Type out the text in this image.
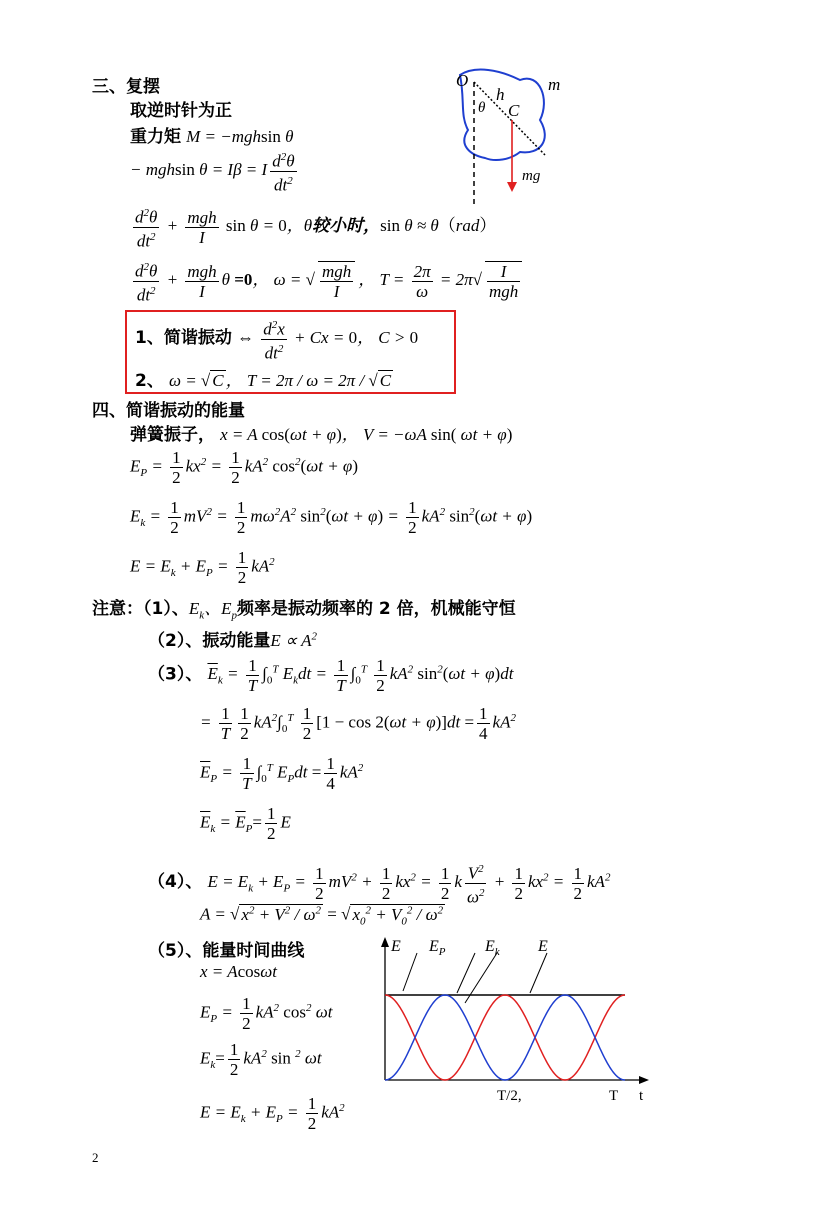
三、复摆
取逆时针为正
重力矩 M = −mghsin θ
− mghsin θ = Iβ = I $\frac{d^2\theta}{dt^2}$
$\frac{d^2\theta}{dt^2} + \frac{\text{mgh}}{I}$ sin θ = 0，θ较小时，sin θ ≈ θ（rad）
$\frac{d^2\theta}{dt^2} + \frac{\text{mgh}}{I}$ θ =0， ω = √ $\frac{\text{mgh}}{I}$ ， $T = \frac{2\pi}{\omega} = 2\pi√ \frac{I}{\text{mgh}}$
1、简谐振动 ⇔ $\frac{d^2x}{dt^2} + Cx = 0$， C > 0
2、 ω = √ C ， T = 2π / ω = 2π / √ C
O
h
θ C
m
mg
四、简谐振动的能量
弹簧振子， x = A cos(ωt + φ)， V = −ωA sin( ωt + φ)
$E_P = \frac{1}{2} kx^2 = \frac{1}{2} kA^2$ $\cos^2(\omega t + \varphi)$
$E_k = \frac{1}{2} mV^2 = \frac{1}{2} m\omega^2A^2$ $\sin^2(\omega t + \varphi) = \frac{1}{2} kA^2$ $\sin^2(\omega t + \varphi)$
$E = E_k + E_P = \frac{1}{2} kA^2$
注意：（1）、$E_k$、$E_p$频率是振动频率的 2 倍，机械能守恒
（2）、振动能量$E \propto A^2$
（3）、 $\overline{E}_k = \frac{1}{T} \int_0^T$ $E_kdt = \frac{1}{T} \int_0^T \frac{1}{2} kA^2$ $\sin^2(\omega t + \varphi)dt$
= $\frac{1}{T} \frac{1}{2} kA^2\int_0^T \frac{1}{2} [1 - \cos 2(\omega t + \varphi)]dt = \frac{1}{4} kA^2$
$\overline{E}_P = \frac{1}{T} \int_0^T$ $E_Pdt = \frac{1}{4} kA^2$
$\overline{E}_k = \overline{E}_P= \frac{1}{2}$ E
（4）、 $E = E_k + E_P = \frac{1}{2} mV^2 + \frac{1}{2} kx^2 = \frac{1}{2}$ k $\frac{V^2}{\omega^2} + \frac{1}{2} kx^2 = \frac{1}{2} kA^2$
A = √ $x^2 + V^2 / \omega^2$ = √ $x_0^2 + V_0^2 / \omega^2$
（5）、能量时间曲线
x = Acosωt
$E_P = \frac{1}{2} kA^2$ $\cos^2 \omega t$
$E_k= \frac{1}{2} kA^2$ sin $^2$ ωt
$E = E_k + E_P = \frac{1}{2} kA^2$
E $E_P$ $E_k$ E
T/2,	T t
2
